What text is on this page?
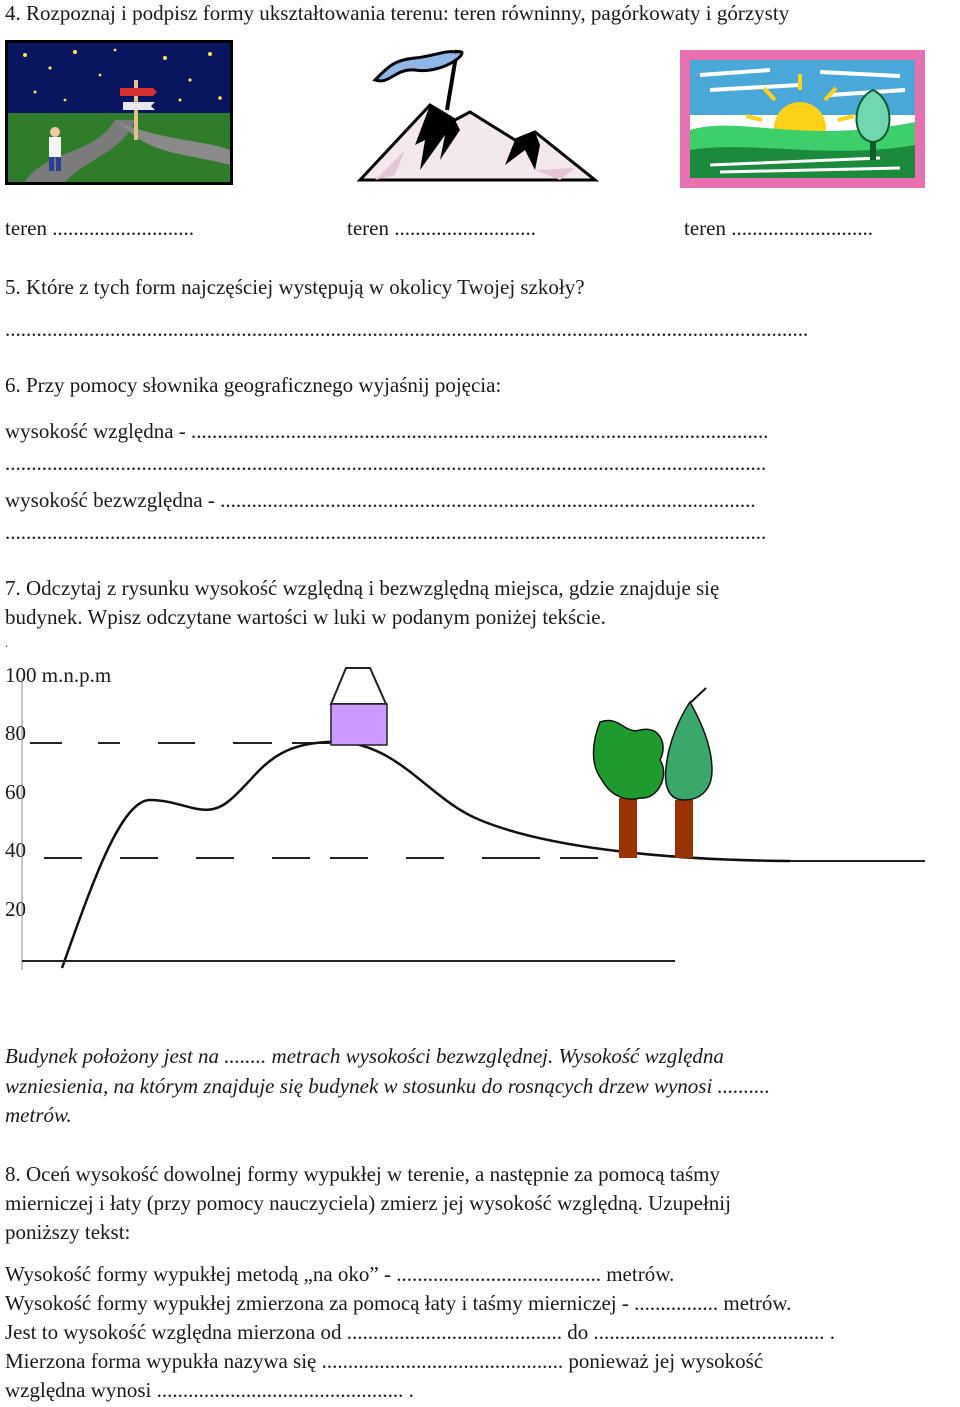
4. Rozpoznaj i podpisz formy ukształtowania terenu: teren równinny, pagórkowaty i górzysty
teren ...........................	teren ...........................	teren ...........................
5. Które z tych form najczęściej występują w okolicy Twojej szkoły?
.........................................................................................................................................................
6. Przy pomocy słownika geograficznego wyjaśnij pojęcia:
wysokość względna - ..............................................................................................................
.................................................................................................................................................
wysokość bezwzględna - ......................................................................................................
.................................................................................................................................................
7. Odczytaj z rysunku wysokość względną i bezwzględną miejsca, gdzie znajduje się
budynek. Wpisz odczytane wartości w luki w podanym poniżej tekście.
.
100 m.n.p.m
80
60
40
20
Budynek położony jest na ........ metrach wysokości bezwzględnej. Wysokość względna
wzniesienia, na którym znajduje się budynek w stosunku do rosnących drzew wynosi ..........
metrów.
8. Oceń wysokość dowolnej formy wypukłej w terenie, a następnie za pomocą taśmy
mierniczej i łaty (przy pomocy nauczyciela) zmierz jej wysokość względną. Uzupełnij
poniższy tekst:
Wysokość formy wypukłej metodą „na oko” - ....................................... metrów.
Wysokość formy wypukłej zmierzona za pomocą łaty i taśmy mierniczej - ................ metrów.
Jest to wysokość względna mierzona od ......................................... do ............................................ .
Mierzona forma wypukła nazywa się .............................................. ponieważ jej wysokość
względna wynosi ............................................... .
